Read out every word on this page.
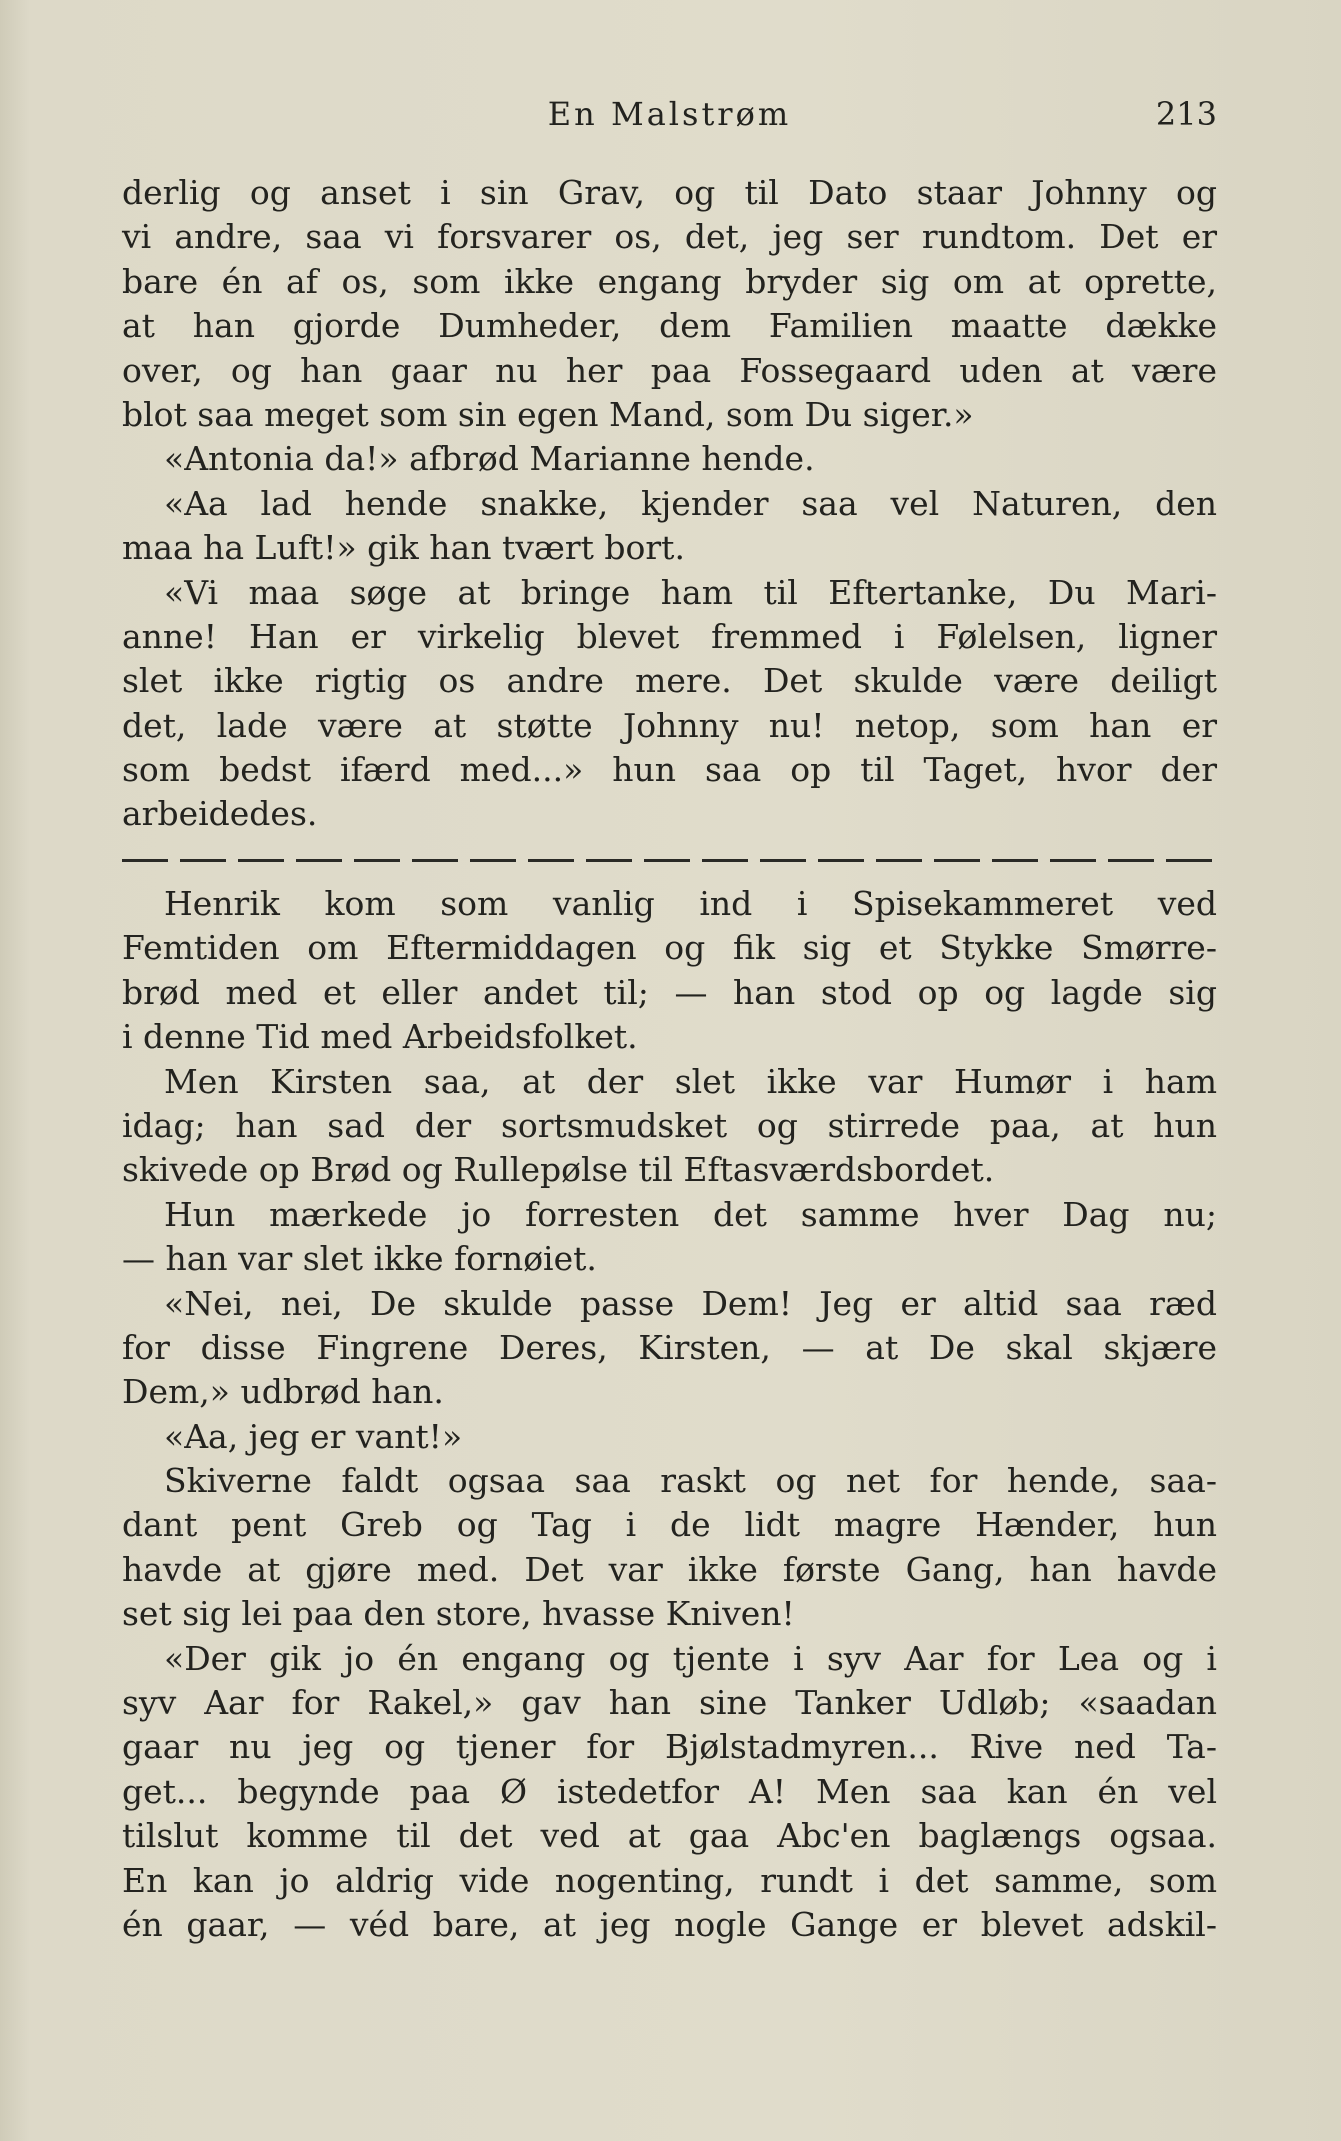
En Malstrøm	213
derlig og anset i sin Grav, og til Dato staar Johnny og
vi andre, saa vi forsvarer os, det, jeg ser rundtom. Det er
bare én af os, som ikke engang bryder sig om at oprette,
at han gjorde Dumheder, dem Familien maatte dække
over, og han gaar nu her paa Fossegaard uden at være
blot saa meget som sin egen Mand, som Du siger.»
«Antonia da!» afbrød Marianne hende.
«Aa lad hende snakke, kjender saa vel Naturen, den
maa ha Luft!» gik han tvært bort.
«Vi maa søge at bringe ham til Eftertanke, Du Mari-
anne! Han er virkelig blevet fremmed i Følelsen, ligner
slet ikke rigtig os andre mere. Det skulde være deiligt
det, lade være at støtte Johnny nu! netop, som han er
som bedst ifærd med...» hun saa op til Taget, hvor der
arbeidedes.
Henrik kom som vanlig ind i Spisekammeret ved
Femtiden om Eftermiddagen og fik sig et Stykke Smørre-
brød med et eller andet til; — han stod op og lagde sig
i denne Tid med Arbeidsfolket.
Men Kirsten saa, at der slet ikke var Humør i ham
idag; han sad der sortsmudsket og stirrede paa, at hun
skivede op Brød og Rullepølse til Eftasværdsbordet.
Hun mærkede jo forresten det samme hver Dag nu;
— han var slet ikke fornøiet.
«Nei, nei, De skulde passe Dem! Jeg er altid saa ræd
for disse Fingrene Deres, Kirsten, — at De skal skjære
Dem,» udbrød han.
«Aa, jeg er vant!»
Skiverne faldt ogsaa saa raskt og net for hende, saa-
dant pent Greb og Tag i de lidt magre Hænder, hun
havde at gjøre med. Det var ikke første Gang, han havde
set sig lei paa den store, hvasse Kniven!
«Der gik jo én engang og tjente i syv Aar for Lea og i
syv Aar for Rakel,» gav han sine Tanker Udløb; «saadan
gaar nu jeg og tjener for Bjølstadmyren... Rive ned Ta-
get... begynde paa Ø istedetfor A! Men saa kan én vel
tilslut komme til det ved at gaa Abc'en baglængs ogsaa.
En kan jo aldrig vide nogenting, rundt i det samme, som
én gaar, — véd bare, at jeg nogle Gange er blevet adskil-
